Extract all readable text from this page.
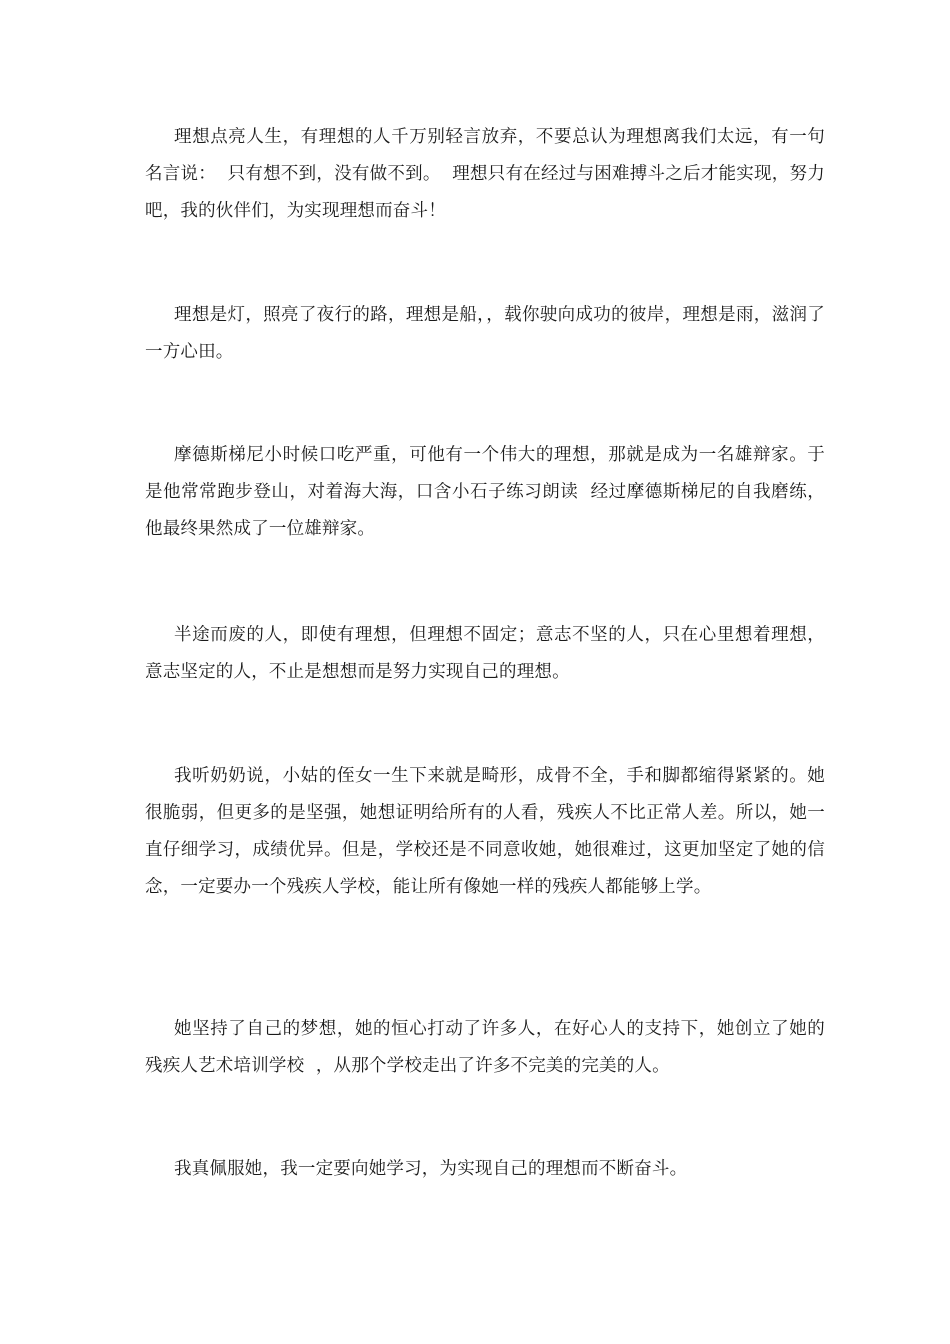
理想点亮人生，有理想的人千万别轻言放弃，不要总认为理想离我们太远，有一句名言说：  只有想不到，没有做不到。  理想只有在经过与困难搏斗之后才能实现，努力吧，我的伙伴们，为实现理想而奋斗！

理想是灯，照亮了夜行的路，理想是船，，载你驶向成功的彼岸，理想是雨，滋润了一方心田。

摩德斯梯尼小时候口吃严重，可他有一个伟大的理想，那就是成为一名雄辩家。于是他常常跑步登山，对着海大海，口含小石子练习朗读  经过摩德斯梯尼的自我磨练，他最终果然成了一位雄辩家。

半途而废的人，即使有理想，但理想不固定；意志不坚的人，只在心里想着理想，意志坚定的人，不止是想想而是努力实现自己的理想。

我听奶奶说，小姑的侄女一生下来就是畸形，成骨不全，手和脚都缩得紧紧的。她很脆弱，但更多的是坚强，她想证明给所有的人看，残疾人不比正常人差。所以，她一直仔细学习，成绩优异。但是，学校还是不同意收她，她很难过，这更加坚定了她的信念，一定要办一个残疾人学校，能让所有像她一样的残疾人都能够上学。

她坚持了自己的梦想，她的恒心打动了许多人，在好心人的支持下，她创立了她的  残疾人艺术培训学校  ，从那个学校走出了许多不完美的完美的人。

我真佩服她，我一定要向她学习，为实现自己的理想而不断奋斗。
